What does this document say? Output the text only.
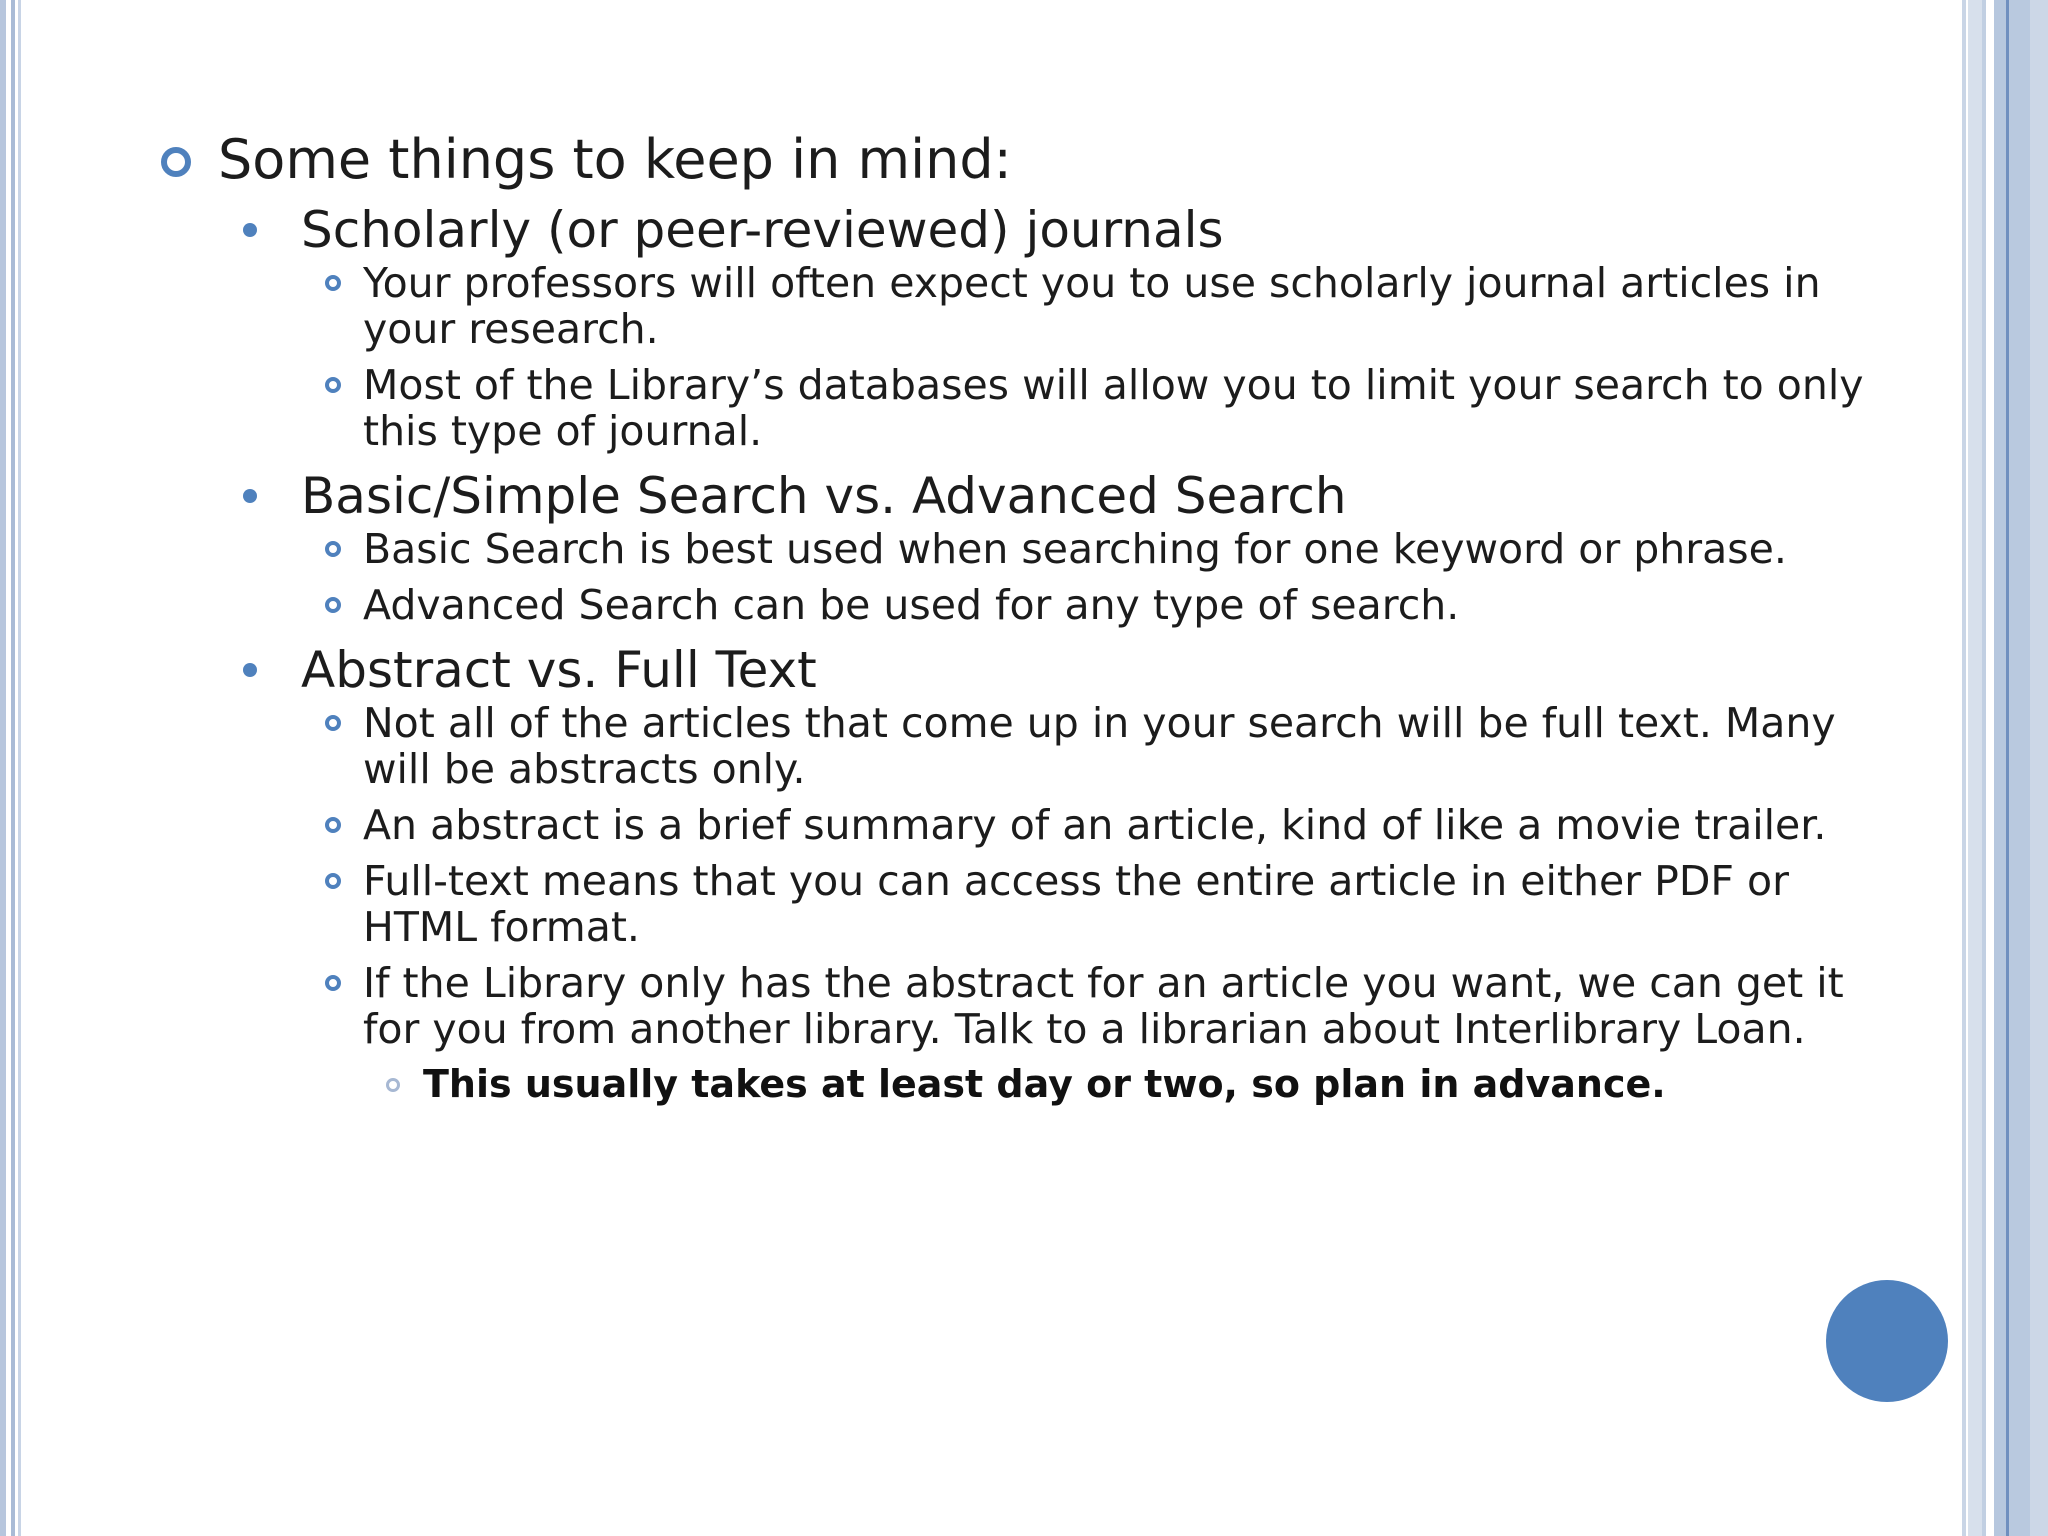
Some things to keep in mind:
Scholarly (or peer-reviewed) journals
Your professors will often expect you to use scholarly journal articles in your research.
Most of the Library’s databases will allow you to limit your search to only this type of journal.
Basic/Simple Search vs. Advanced Search
Basic Search is best used when searching for one keyword or phrase.
Advanced Search can be used for any type of search.
Abstract vs. Full Text
Not all of the articles that come up in your search will be full text. Many will be abstracts only.
An abstract is a brief summary of an article, kind of like a movie trailer.
Full-text means that you can access the entire article in either PDF or HTML format.
If the Library only has the abstract for an article you want, we can get it for you from another library. Talk to a librarian about Interlibrary Loan.
This usually takes at least day or two, so plan in advance.
